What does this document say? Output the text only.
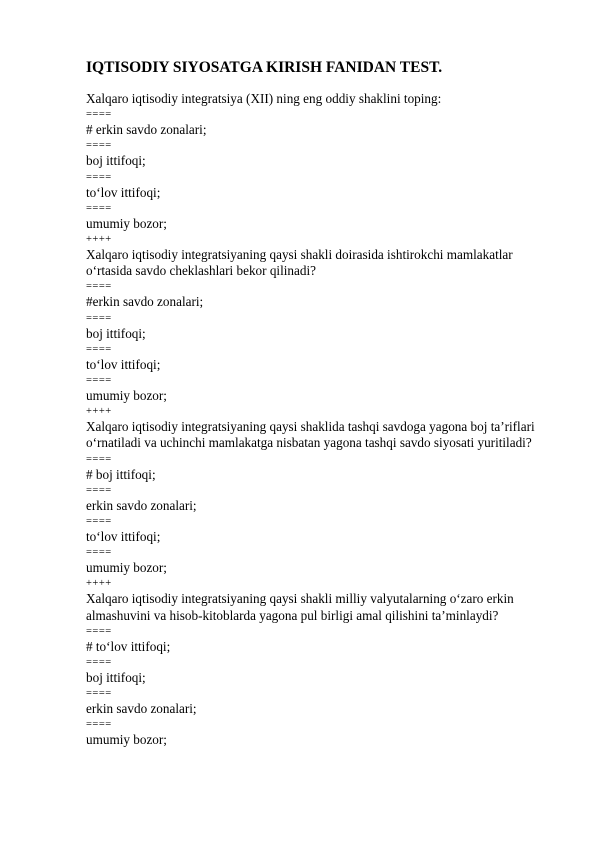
IQTISODIY SIYOSATGA KIRISH FANIDAN TEST.
Xalqaro iqtisodiy integratsiya (XII) ning eng oddiy shaklini toping:
====
# erkin savdo zonalari;
====
boj ittifoqi;
====
to‘lov ittifoqi;
====
umumiy bozor;
++++
Xalqaro iqtisodiy integratsiyaning qaysi shakli doirasida ishtirokchi mamlakatlar o‘rtasida savdo cheklashlari bekor qilinadi?
====
#erkin savdo zonalari;
====
boj ittifoqi;
====
to‘lov ittifoqi;
====
umumiy bozor;
++++
Xalqaro iqtisodiy integratsiyaning qaysi shaklida tashqi savdoga yagona boj ta’riflari o‘rnatiladi va uchinchi mamlakatga nisbatan yagona tashqi savdo siyosati yuritiladi?
====
# boj ittifoqi;
====
erkin savdo zonalari;
====
to‘lov ittifoqi;
====
umumiy bozor;
++++
Xalqaro iqtisodiy integratsiyaning qaysi shakli milliy valyutalarning o‘zaro erkin almashuvini va hisob-kitoblarda yagona pul birligi amal qilishini ta’minlaydi?
====
# to‘lov ittifoqi;
====
boj ittifoqi;
====
erkin savdo zonalari;
====
umumiy bozor;
